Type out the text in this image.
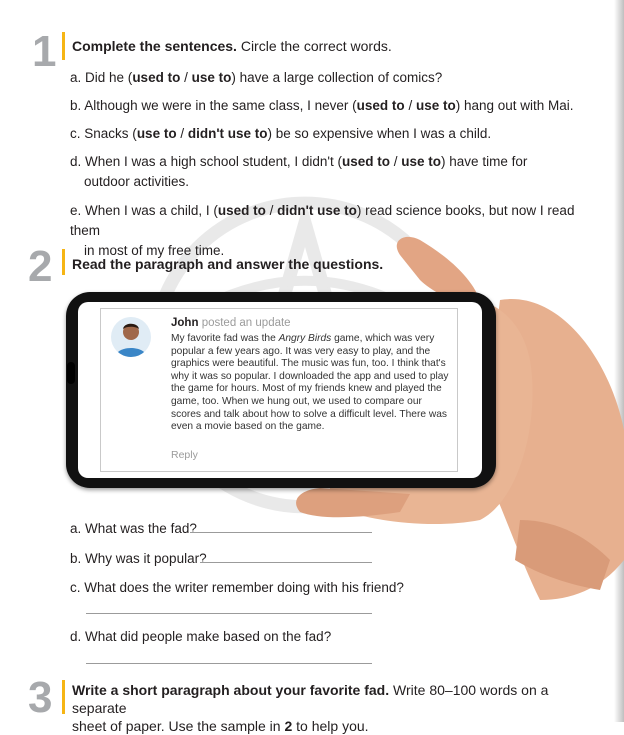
1 Complete the sentences. Circle the correct words.
a. Did he (used to / use to) have a large collection of comics?
b. Although we were in the same class, I never (used to / use to) hang out with Mai.
c. Snacks (use to / didn't use to) be so expensive when I was a child.
d. When I was a high school student, I didn't (used to / use to) have time for
outdoor activities.
e. When I was a child, I (used to / didn't use to) read science books, but now I read them
in most of my free time.
2 Read the paragraph and answer the questions.
John posted an update
My favorite fad was the Angry Birds game, which was very popular a few years ago. It was very easy to play, and the graphics were beautiful. The music was fun, too. I think that's why it was so popular. I downloaded the app and used to play the game for hours. Most of my friends knew and played the game, too. When we hung out, we used to compare our scores and talk about how to solve a difficult level. There was even a movie based on the game.
Reply
a. What was the fad?
b. Why was it popular?
c. What does the writer remember doing with his friend?
d. What did people make based on the fad?
3 Write a short paragraph about your favorite fad. Write 80–100 words on a separate
sheet of paper. Use the sample in 2 to help you.
